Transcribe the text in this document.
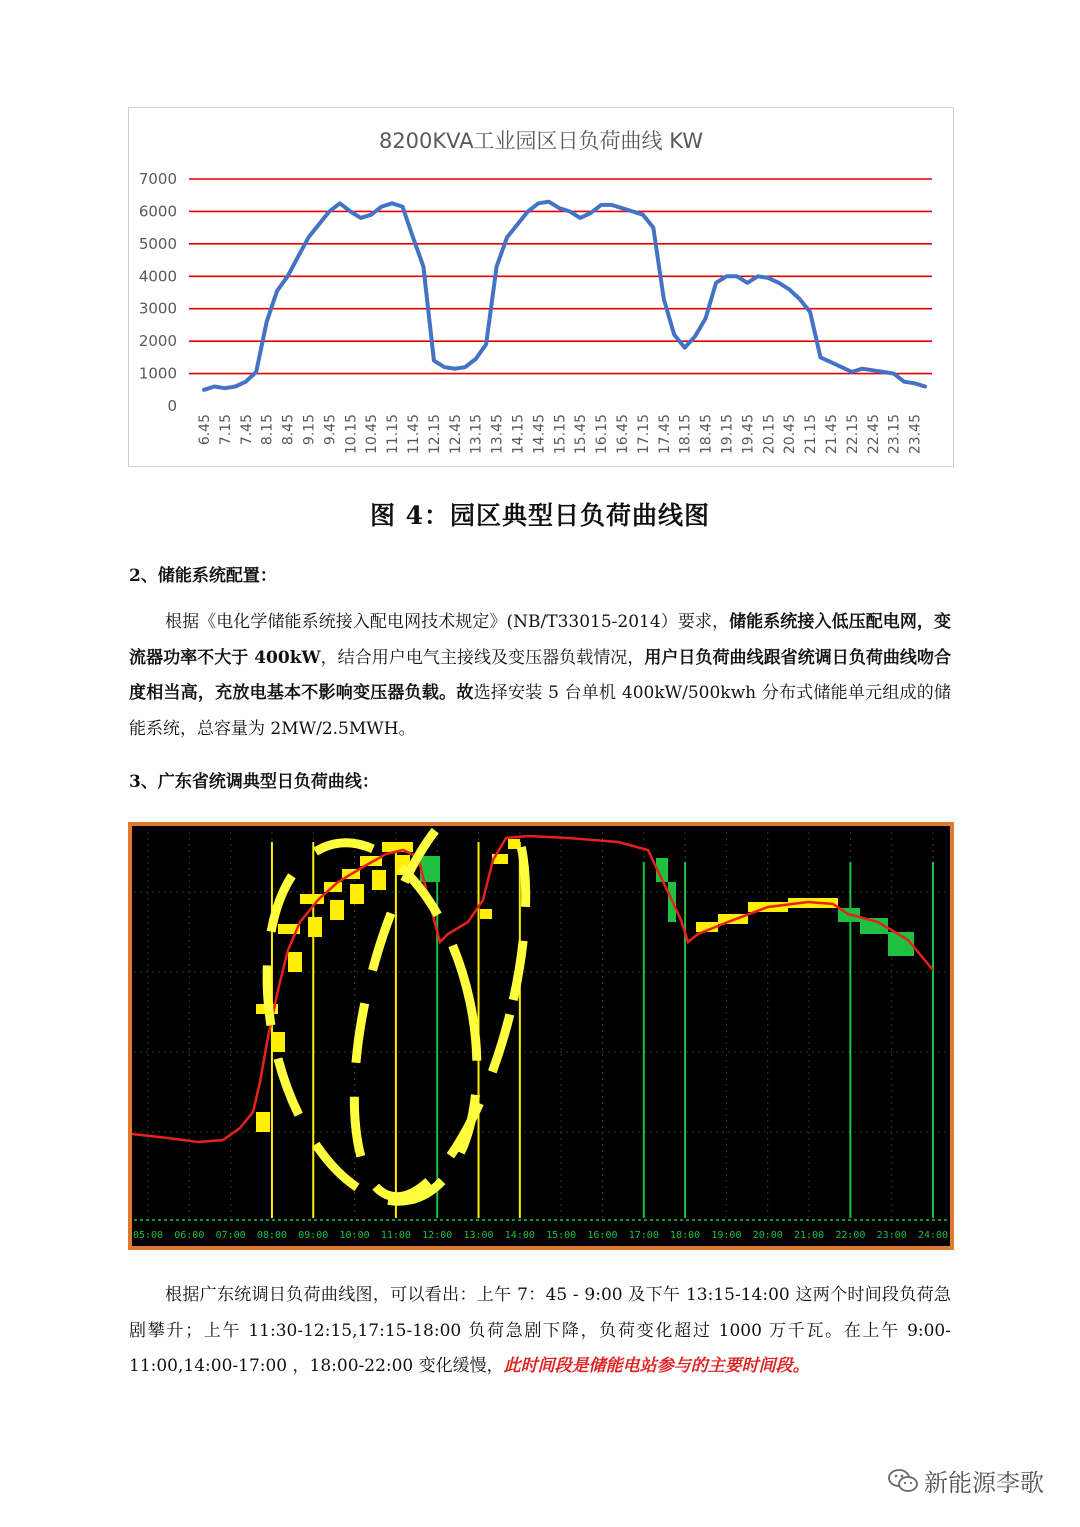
8200KVA工业园区日负荷曲线 KW
0
1000
2000
3000
4000
5000
6000
7000
6.45 7.15 7.45 8.15 8.45 9.15 9.45 10.15 10.45 11.15 11.45 12.15 12.45 13.15 13.45 14.15 14.45 15.15 15.45 16.15 16.45 17.15 17.45 18.15 18.45 19.15 19.45 20.15 20.45 21.15 21.45 22.15 22.45 23.15 23.45
图 4：园区典型日负荷曲线图
2、储能系统配置：
根据《电化学储能系统接入配电网技术规定》(NB/T33015-2014）要求，储能系统接入低压配电网，变流器功率不大于 400kW，结合用户电气主接线及变压器负载情况，用户日负荷曲线跟省统调日负荷曲线吻合度相当高，充放电基本不影响变压器负载。故选择安装 5 台单机 400kW/500kwh 分布式储能单元组成的储能系统，总容量为 2MW/2.5MWH。
3、广东省统调典型日负荷曲线：
05:00 06:00 07:00 08:00 09:00 10:00 11:00 12:00 13:00 14:00 15:00 16:00 17:00 18:00 19:00 20:00 21:00 22:00 23:00 24:00
根据广东统调日负荷曲线图，可以看出：上午 7：45 - 9:00 及下午 13:15-14:00 这两个时间段负荷急剧攀升；上午 11:30-12:15,17:15-18:00 负荷急剧下降，负荷变化超过 1000 万千瓦。在上午 9:00-11:00,14:00-17:00 ，18:00-22:00 变化缓慢，此时间段是储能电站参与的主要时间段。
新能源李歌
